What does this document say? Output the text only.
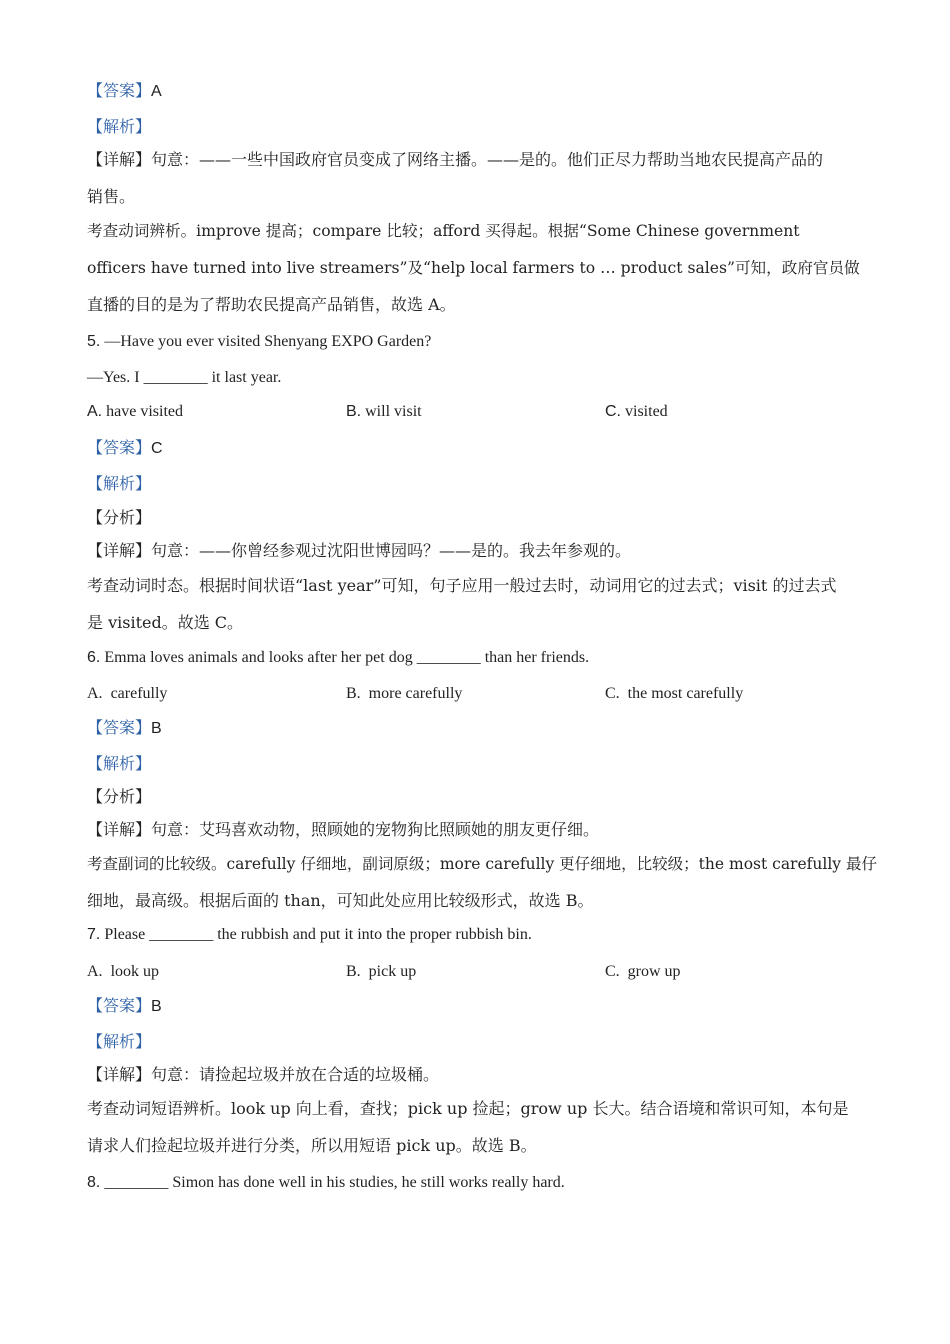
【答案】A
【解析】
【详解】句意：——一些中国政府官员变成了网络主播。——是的。他们正尽力帮助当地农民提高产品的
销售。
考查动词辨析。improve 提高；compare 比较；afford 买得起。根据“Some Chinese government
officers have turned into live streamers”及“help local farmers to … product sales”可知，政府官员做
直播的目的是为了帮助农民提高产品销售，故选 A。
5. —Have you ever visited Shenyang EXPO Garden?
—Yes. I ________ it last year.
A. have visited	B. will visit	C. visited
【答案】C
【解析】
【分析】
【详解】句意：——你曾经参观过沈阳世博园吗？——是的。我去年参观的。
考查动词时态。根据时间状语“last year”可知，句子应用一般过去时，动词用它的过去式；visit 的过去式
是 visited。故选 C。
6. Emma loves animals and looks after her pet dog ________ than her friends.
A. carefully	B. more carefully	C. the most carefully
【答案】B
【解析】
【分析】
【详解】句意：艾玛喜欢动物，照顾她的宠物狗比照顾她的朋友更仔细。
考查副词的比较级。carefully 仔细地，副词原级；more carefully 更仔细地，比较级；the most carefully 最仔
细地，最高级。根据后面的 than，可知此处应用比较级形式，故选 B。
7. Please ________ the rubbish and put it into the proper rubbish bin.
A. look up	B. pick up	C. grow up
【答案】B
【解析】
【详解】句意：请捡起垃圾并放在合适的垃圾桶。
考查动词短语辨析。look up 向上看，查找；pick up 捡起；grow up 长大。结合语境和常识可知，本句是
请求人们捡起垃圾并进行分类，所以用短语 pick up。故选 B。
8. ________ Simon has done well in his studies, he still works really hard.
